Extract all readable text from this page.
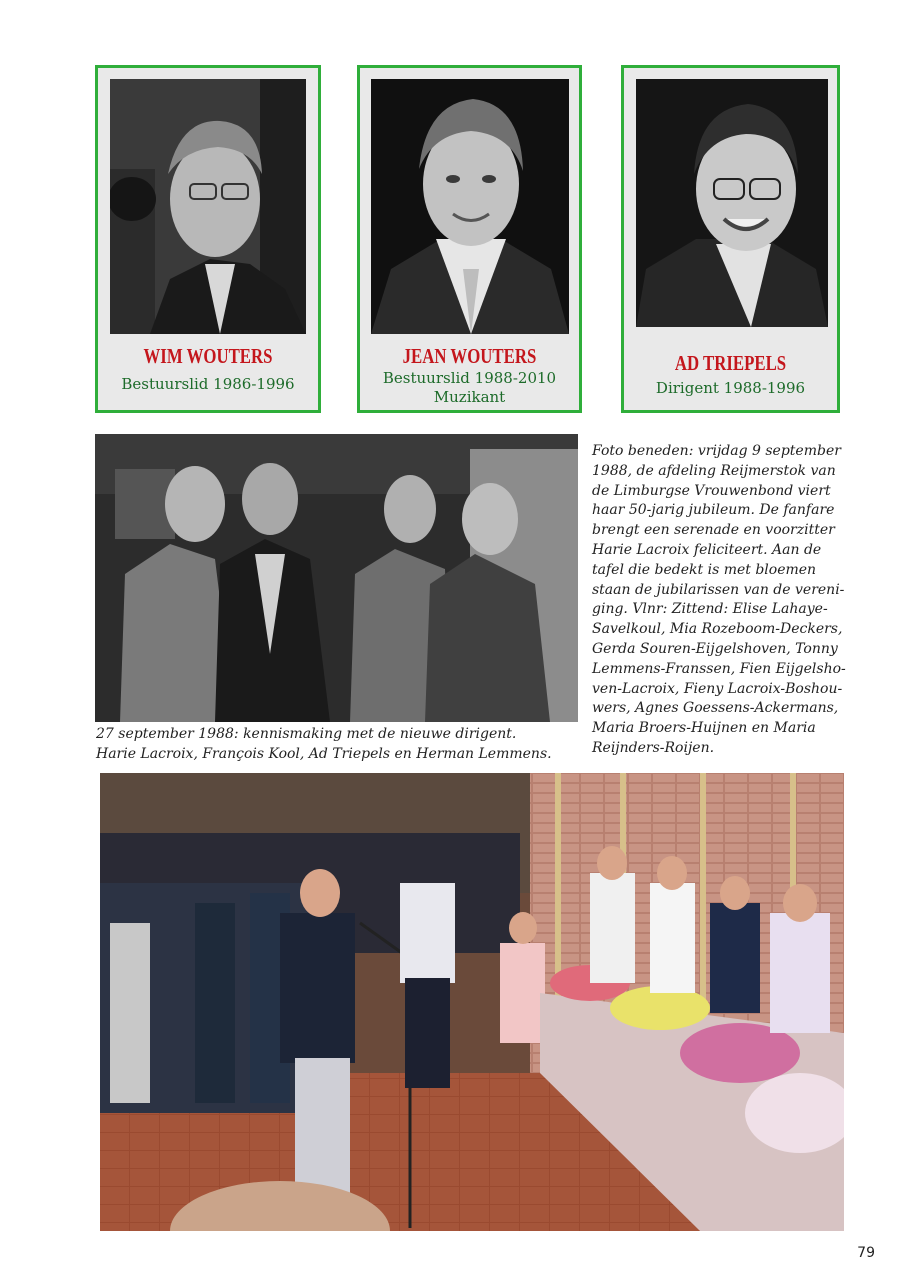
WIM WOUTERS
Bestuurslid 1986-1996
JEAN WOUTERS
Bestuurslid 1988-2010
Muzikant
AD TRIEPELS
Dirigent 1988-1996
27 september 1988: kennismaking met de nieuwe dirigent.
Harie Lacroix, François Kool, Ad Triepels en Herman Lemmens.
Foto beneden: vrijdag 9 september
1988, de afdeling Reijmerstok van
de Limburgse Vrouwenbond viert
haar 50-jarig jubileum. De fanfare
brengt een serenade en voorzitter
Harie Lacroix feliciteert. Aan de
tafel die bedekt is met bloemen
staan de jubilarissen van de vereni-
ging. Vlnr: Zittend: Elise Lahaye-
Savelkoul, Mia Rozeboom-Deckers,
Gerda Souren-Eijgelshoven, Tonny
Lemmens-Franssen, Fien Eijgelsho-
ven-Lacroix, Fieny Lacroix-Boshou-
wers, Agnes Goessens-Ackermans,
Maria Broers-Huijnen en Maria
Reijnders-Roijen.
79
